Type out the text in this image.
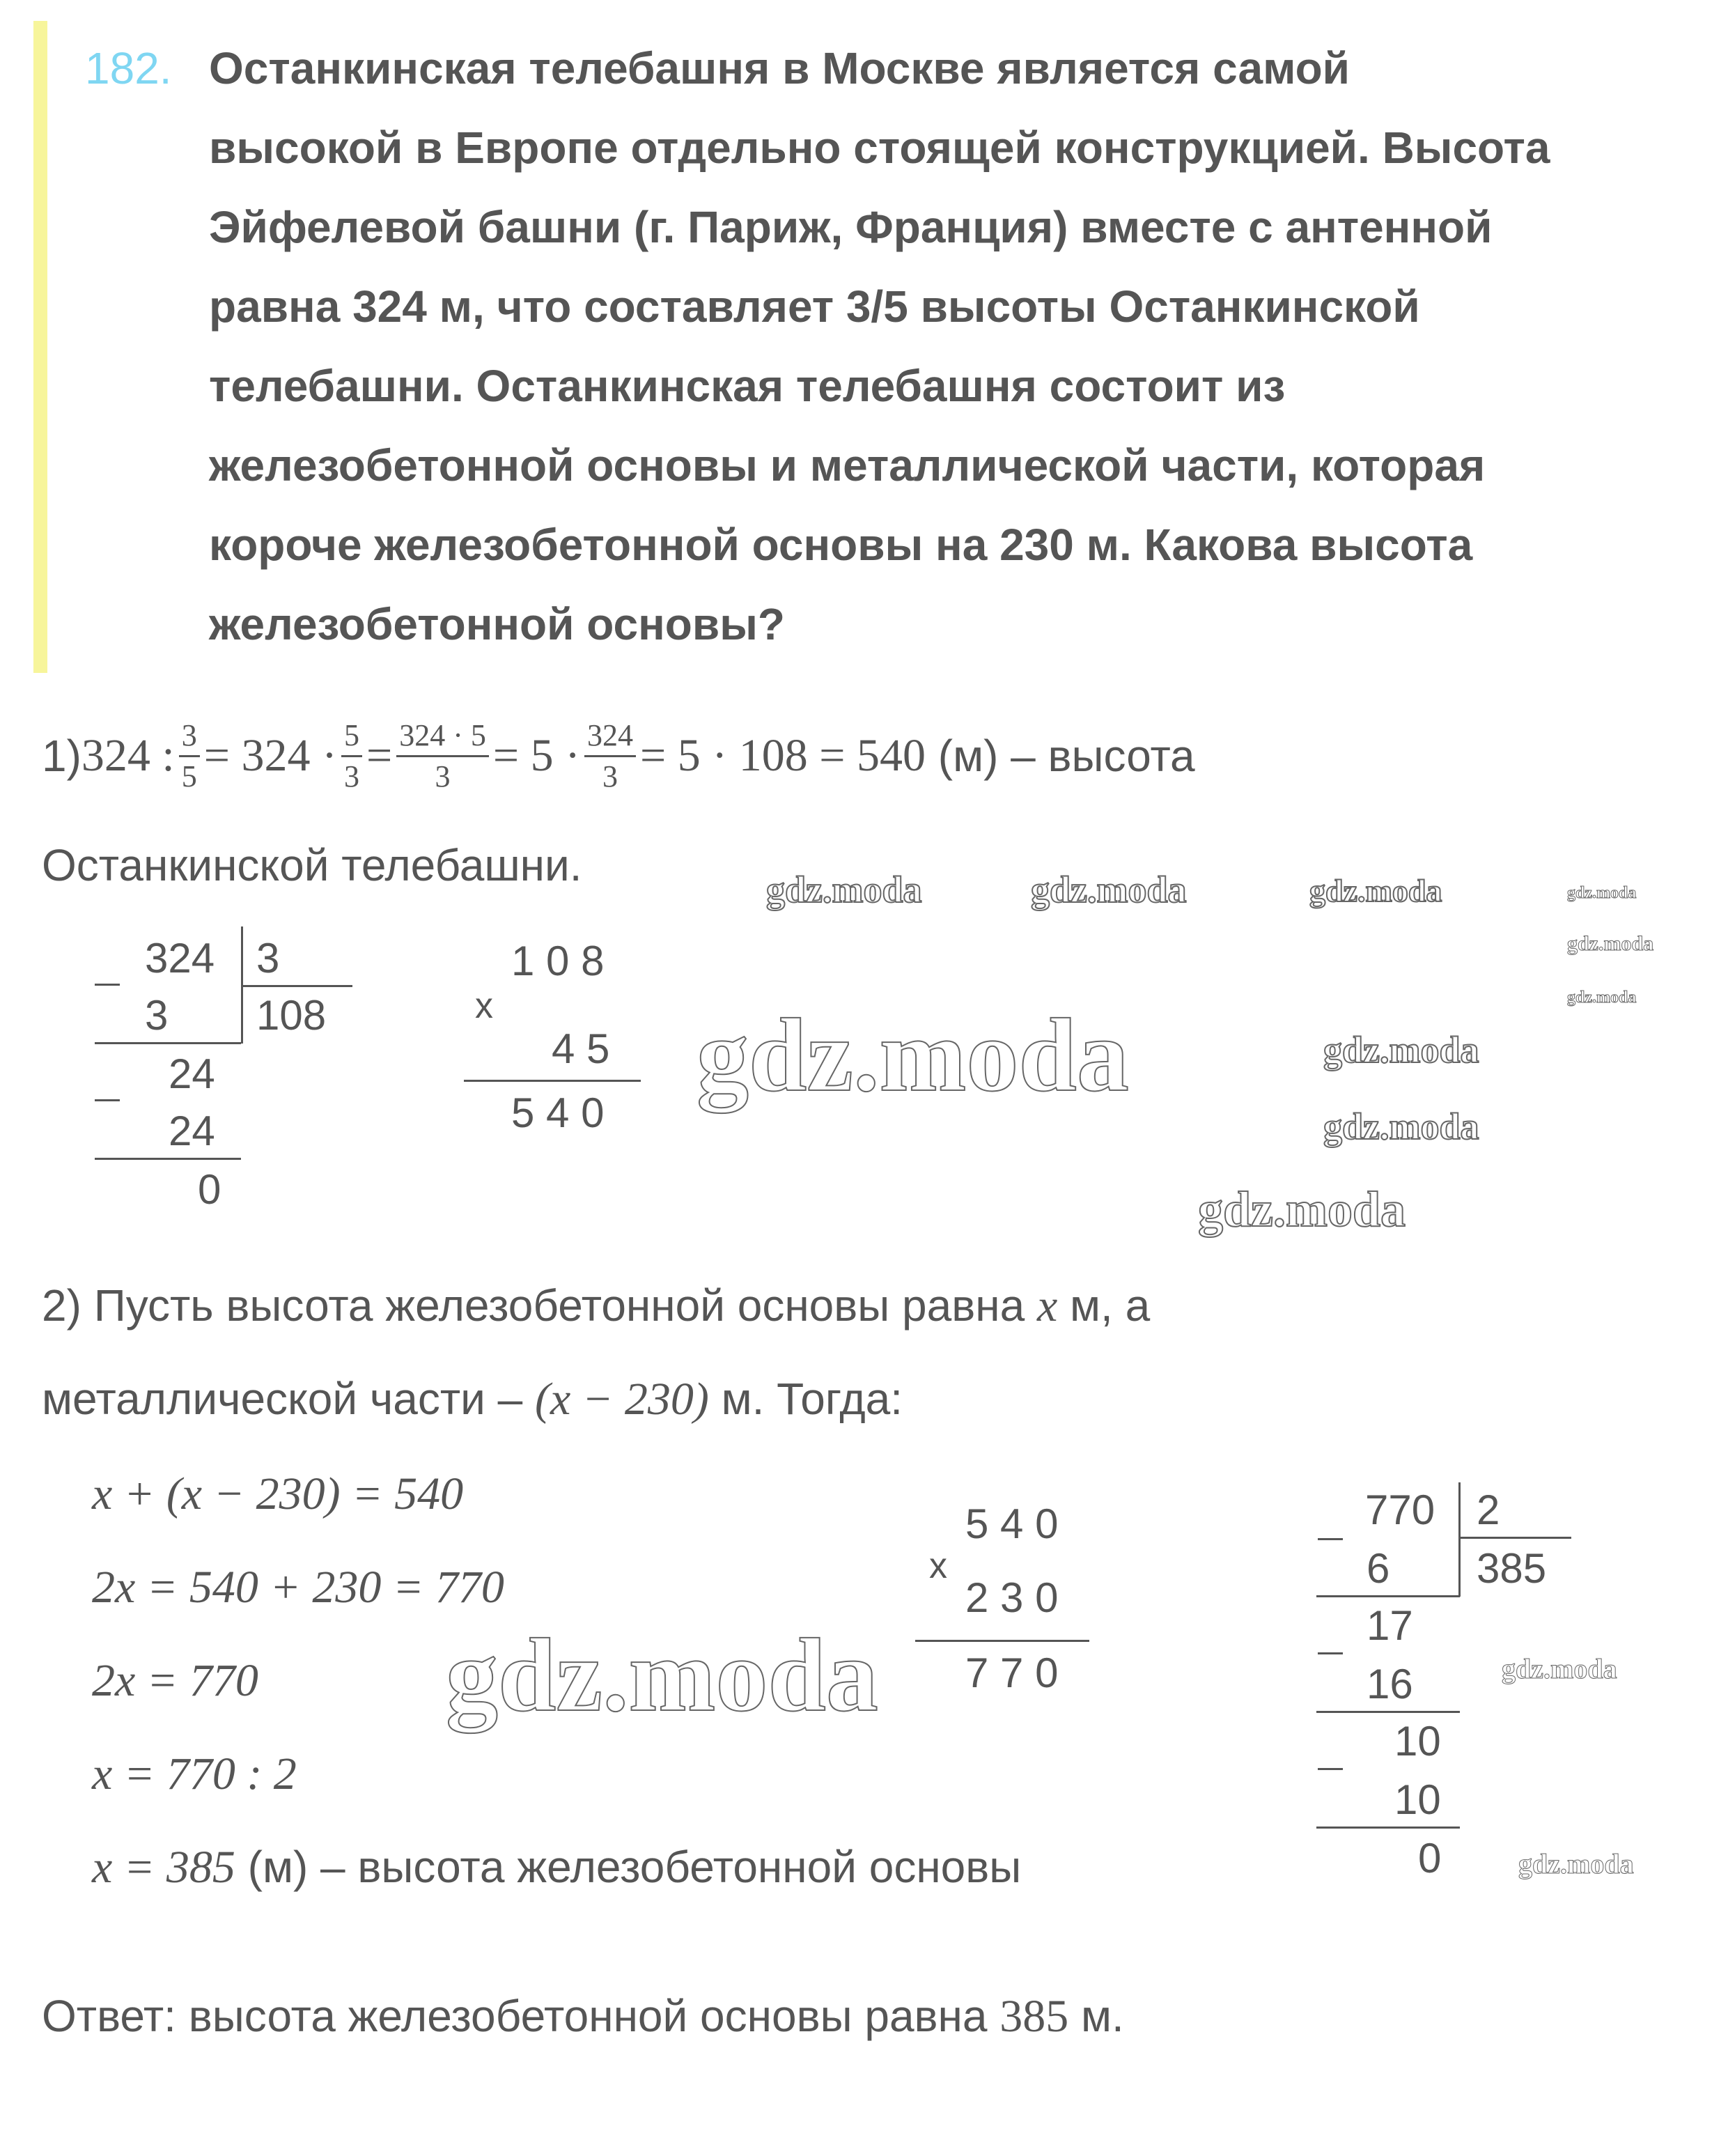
182. Останкинская телебашня в Москве является самой
высокой в Европе отдельно стоящей конструкцией. Высота
Эйфелевой башни (г. Париж, Франция) вместе с антенной
равна 324 м, что составляет 3/5 высоты Останкинской
телебашни. Останкинская телебашня состоит из
железобетонной основы и металлической части, которая
короче железобетонной основы на 230 м. Какова высота
железобетонной основы?
1) 324 : $\frac{3}{5} = 324 \cdot \frac{5}{3} = \frac{324 \cdot 5}{3} = 5 \cdot \frac{324}{3} = 5 \cdot 108 = 540$ (м) – высота
Останкинской телебашни.
324 3
108
3
24
24
0
1 0 8
x
4 5
5 4 0 gdz.moda
2) Пусть высота железобетонной основы равна x м, а
металлической части – (x − 230) м. Тогда:
x + (x − 230) = 540
2x = 540 + 230 = 770
2x = 770
x = 770 : 2
x = 385 (м) – высота железобетонной основы
5 4 0
x
2 3 0
7 7 0
gdz.moda
770 2
385
6
17
16
10
10
0
Ответ: высота железобетонной основы равна 385 м.
gdz.moda	gdz.moda	gdz.moda	gdz.moda
gdz.moda
gdz.moda
gdz.moda
gdz.moda
gdz.moda
gdz.moda
gdz.moda
